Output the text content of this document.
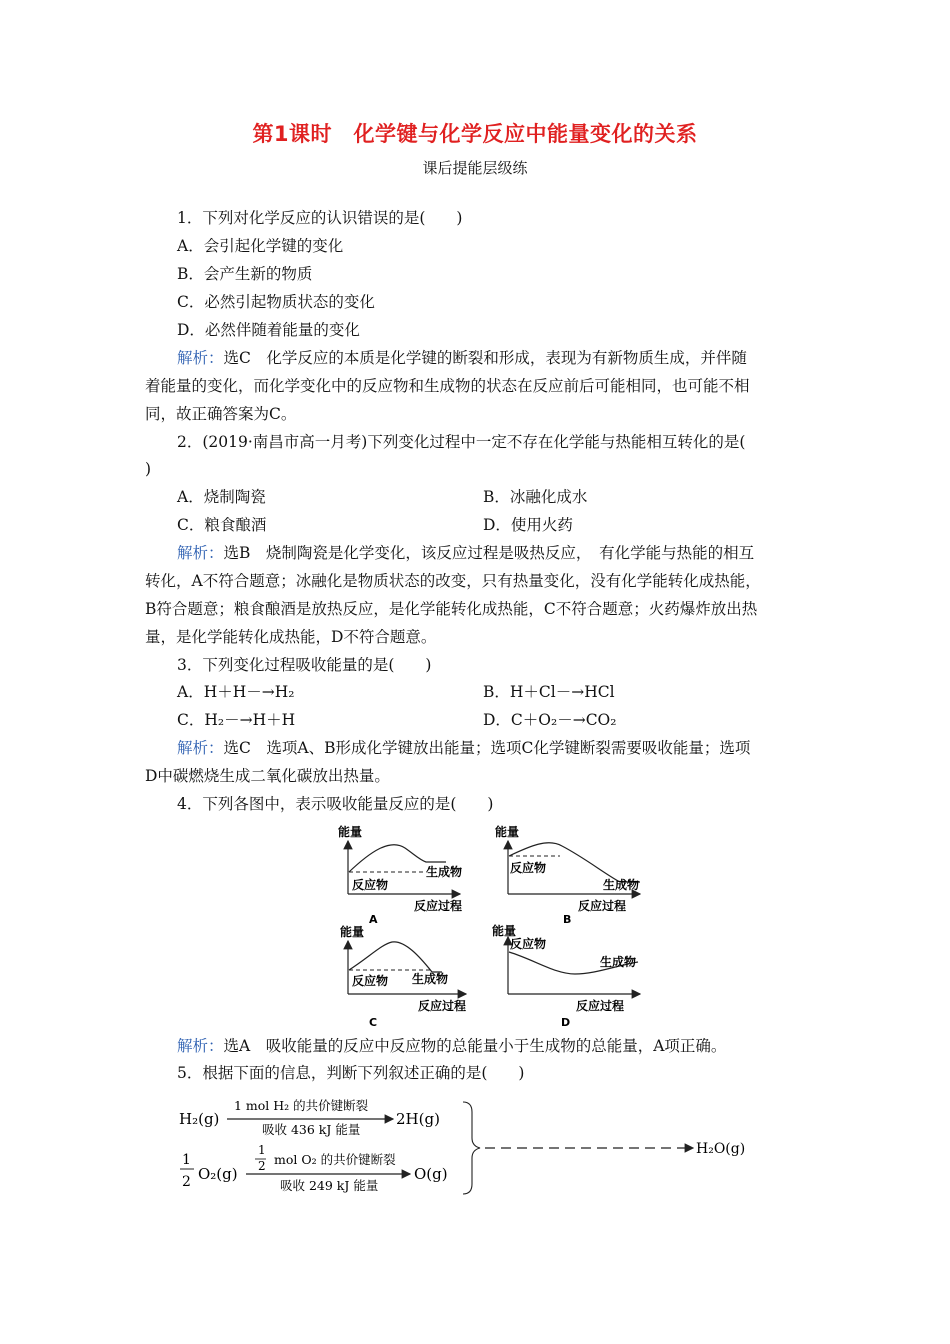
第1课时　化学键与化学反应中能量变化的关系
课后提能层级练
1．下列对化学反应的认识错误的是(　　)
A．会引起化学键的变化
B．会产生新的物质
C．必然引起物质状态的变化
D．必然伴随着能量的变化
解析：选C　化学反应的本质是化学键的断裂和形成，表现为有新物质生成，并伴随
着能量的变化，而化学变化中的反应物和生成物的状态在反应前后可能相同，也可能不相
同，故正确答案为C。
2．(2019·南昌市高一月考)下列变化过程中一定不存在化学能与热能相互转化的是(
)
A．烧制陶瓷	B．冰融化成水
C．粮食酿酒	D．使用火药
解析：选B　烧制陶瓷是化学变化，该反应过程是吸热反应，　有化学能与热能的相互
转化，A不符合题意；冰融化是物质状态的改变，只有热量变化，没有化学能转化成热能，
B符合题意；粮食酿酒是放热反应，是化学能转化成热能，C不符合题意；火药爆炸放出热
量，是化学能转化成热能，D不符合题意。
3．下列变化过程吸收能量的是(　　)
A．H＋H－→H₂	B．H＋Cl－→HCl
C．H₂－→H＋H	D．C＋O₂－→CO₂
解析：选C　选项A、B形成化学键放出能量；选项C化学键断裂需要吸收能量；选项
D中碳燃烧生成二氧化碳放出热量。
4．下列各图中，表示吸收能量反应的是(　　)
能量
反应物
生成物
反应过程
A
能量
反应物
生成物
反应过程
B
能量
反应物 生成物
反应过程
C
能量
反应物
生成物
反应过程
D
解析：选A　吸收能量的反应中反应物的总能量小于生成物的总能量，A项正确。
5．根据下面的信息，判断下列叙述正确的是(　　)
H₂(g)
1 mol H₂ 的共价键断裂
吸收 436 kJ 能量
2H(g)
1
2 O₂(g)
1
2 mol O₂ 的共价键断裂
吸收 249 kJ 能量
O(g)
H₂O(g)
